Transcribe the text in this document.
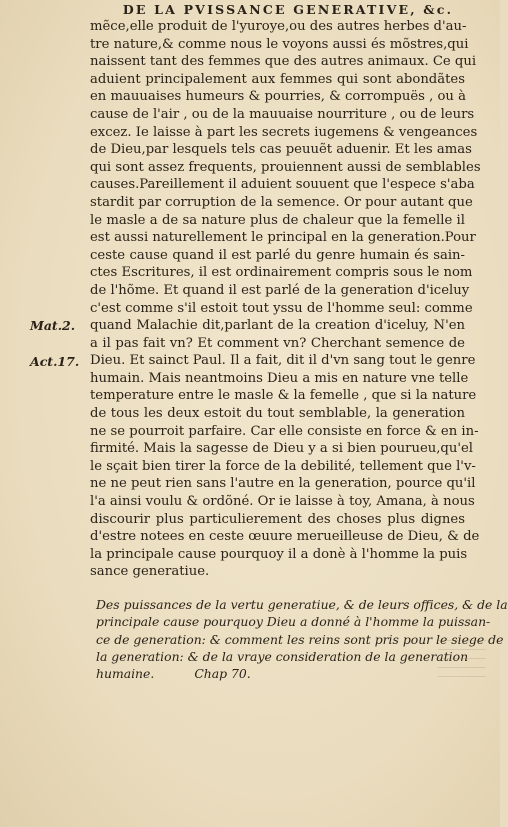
DE LA PVISSANCE GENERATIVE, &c.
Mat.2.
Act.17.
mẽce,elle produit de l'yuroye,ou des autres herbes d'au-
tre nature,& comme nous le voyons aussi és mõstres,qui
naissent tant des femmes que des autres animaux. Ce qui
aduient principalement aux femmes qui sont abondãtes
en mauuaises humeurs & pourries, & corrompuës , ou à
cause de l'air , ou de la mauuaise nourriture , ou de leurs
excez. Ie laisse à part les secrets iugemens & vengeances
de Dieu,par lesquels tels cas peuuẽt aduenir. Et les amas
qui sont assez frequents, prouiennent aussi de semblables
causes.Pareillement il aduient souuent que l'espece s'aba
stardit par corruption de la semence. Or pour autant que
le masle a de sa nature plus de chaleur que la femelle il
est aussi naturellement le principal en la generation.Pour
ceste cause quand il est parlé du genre humain és sain-
ctes Escritures, il est ordinairement compris sous le nom
de l'hõme. Et quand il est parlé de la generation d'iceluy
c'est comme s'il estoit tout yssu de l'homme seul: comme
quand Malachie dit,parlant de la creation d'iceluy, N'en
a il pas fait vn? Et comment vn? Cherchant semence de
Dieu. Et sainct Paul. Il a fait, dit il d'vn sang tout le genre
humain. Mais neantmoins Dieu a mis en nature vne telle
temperature entre le masle & la femelle , que si la nature
de tous les deux estoit du tout semblable, la generation
ne se pourroit parfaire. Car elle consiste en force & en in-
firmité. Mais la sagesse de Dieu y a si bien pourueu,qu'el
le sçait bien tirer la force de la debilité, tellement que l'v-
ne ne peut rien sans l'autre en la generation, pource qu'il
l'a ainsi voulu & ordõné. Or ie laisse à toy, Amana, à nous
discourir plus particulierement des choses plus dignes
d'estre notees en ceste œuure merueilleuse de Dieu, & de
la principale cause pourquoy il a donè à l'homme la puis
sance generatiue.
Des puissances de la vertu generatiue, & de leurs offices, & de la
principale cause pourquoy Dieu a donné à l'homme la puissan-
ce de generation: & comment les reins sont pris pour le siege de
la generation: & de la vraye consideration de la generation
humaine.	Chap 70.
